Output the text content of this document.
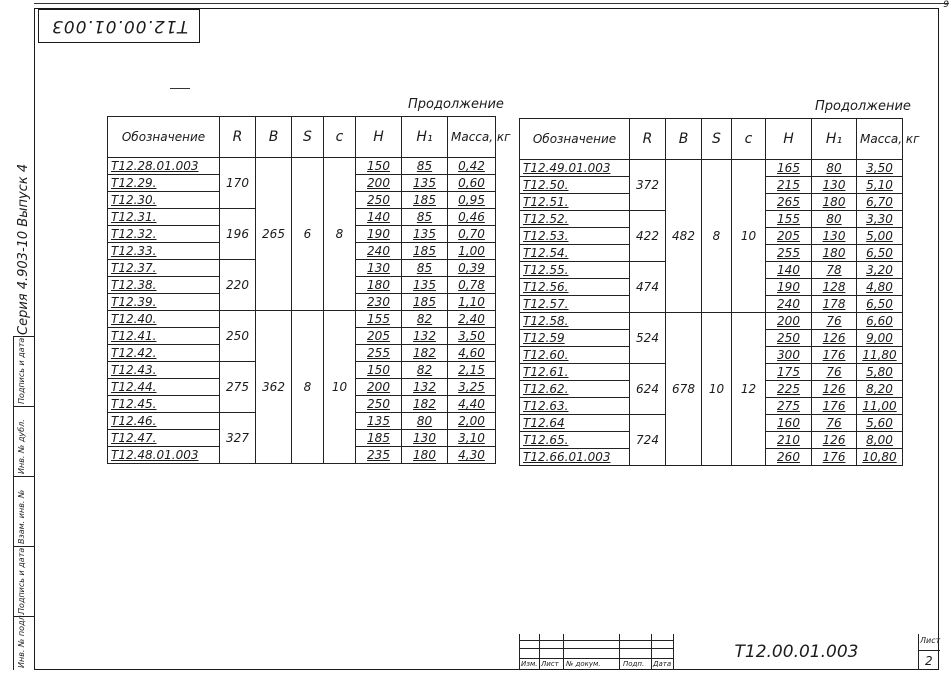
9
Т12.00.01.003
Серия 4.903-10 Выпуск 4
Подпись и дата
Инв. № дубл.
Взам. инв. №
Подпись и дата
Инв. № подл.
Продолжение	Продолжение
Обозначение	R	B	S	с	H	H₁	Масса, кг
Т12.28.01.003	170	265	6	8	150	85	0,42
Т12.29.					200	135	0,60
Т12.30.					250	185	0,95
Т12.31.	196				140	85	0,46
Т12.32.					190	135	0,70
Т12.33.					240	185	1,00
Т12.37.	220				130	85	0,39
Т12.38.					180	135	0,78
Т12.39.					230	185	1,10
Т12.40.	250	362	8	10	155	82	2,40
Т12.41.					205	132	3,50
Т12.42.					255	182	4,60
Т12.43.	275				150	82	2,15
Т12.44.					200	132	3,25
Т12.45.					250	182	4,40
Т12.46.	327				135	80	2,00
Т12.47.					185	130	3,10
Т12.48.01.003					235	180	4,30
Обозначение	R	B	S	с	H	H₁	Масса, кг
Т12.49.01.003	372	482	8	10	165	80	3,50
Т12.50.					215	130	5,10
Т12.51.					265	180	6,70
Т12.52.	422				155	80	3,30
Т12.53.					205	130	5,00
Т12.54.					255	180	6,50
Т12.55.	474				140	78	3,20
Т12.56.					190	128	4,80
Т12.57.					240	178	6,50
Т12.58.	524	678	10	12	200	76	6,60
Т12.59					250	126	9,00
Т12.60.					300	176	11,80
Т12.61.	624				175	76	5,80
Т12.62.					225	126	8,20
Т12.63.					275	176	11,00
Т12.64	724				160	76	5,60
Т12.65.					210	126	8,00
Т12.66.01.003					260	176	10,80
Изм. Лист № докум.	Подп. Дата
Т12.00.01.003
Лист
2
